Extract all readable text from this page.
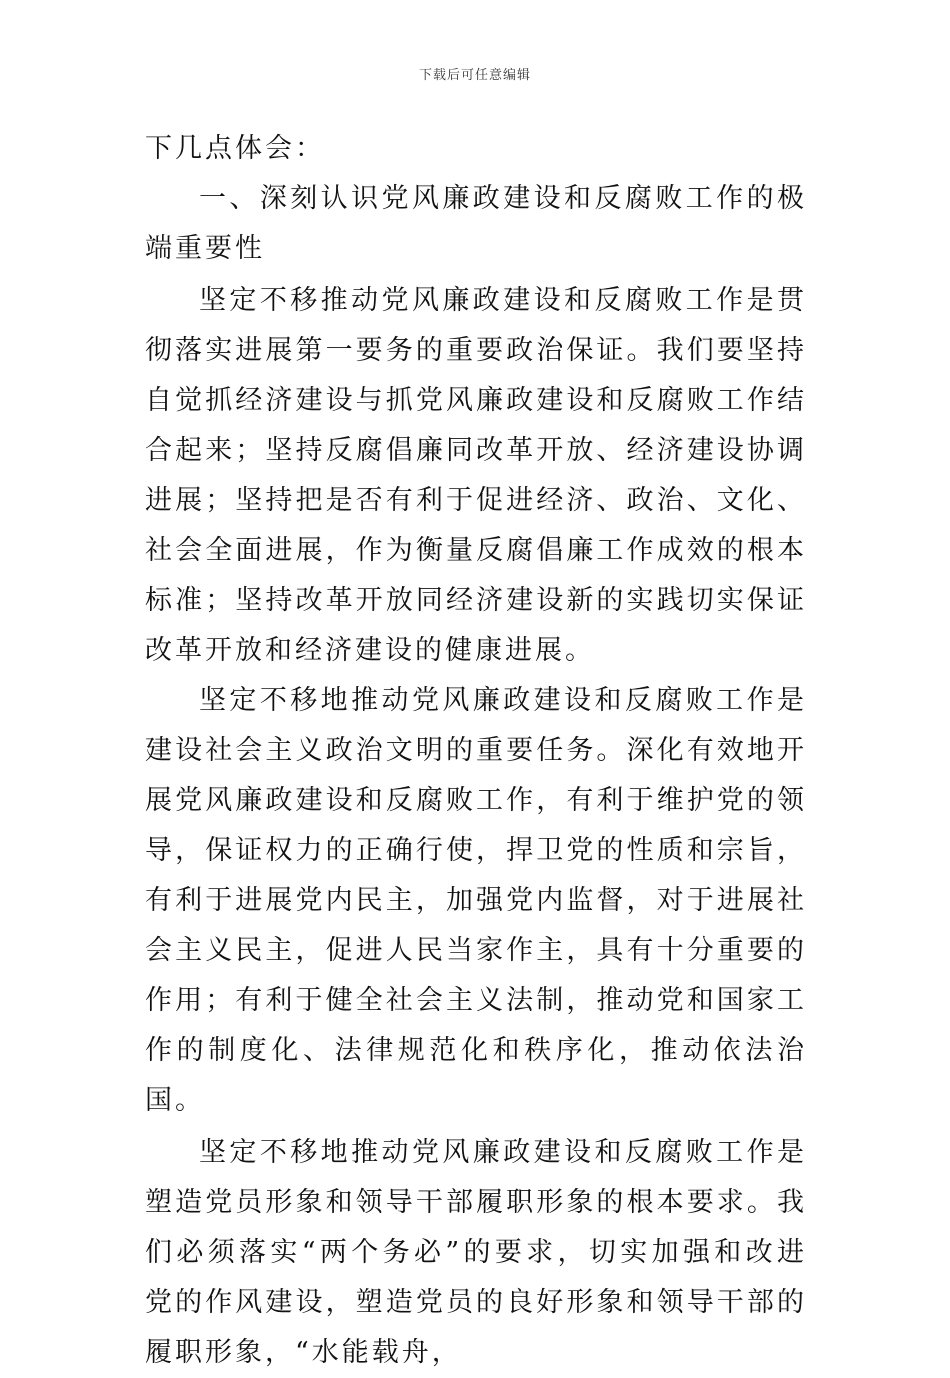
下载后可任意编辑

下几点体会：

一、深刻认识党风廉政建设和反腐败工作的极端重要性

坚定不移推动党风廉政建设和反腐败工作是贯彻落实进展第一要务的重要政治保证。我们要坚持自觉抓经济建设与抓党风廉政建设和反腐败工作结合起来；坚持反腐倡廉同改革开放、经济建设协调进展；坚持把是否有利于促进经济、政治、文化、社会全面进展，作为衡量反腐倡廉工作成效的根本标准；坚持改革开放同经济建设新的实践切实保证改革开放和经济建设的健康进展。

坚定不移地推动党风廉政建设和反腐败工作是建设社会主义政治文明的重要任务。深化有效地开展党风廉政建设和反腐败工作，有利于维护党的领导，保证权力的正确行使，捍卫党的性质和宗旨，有利于进展党内民主，加强党内监督，对于进展社会主义民主，促进人民当家作主，具有十分重要的作用；有利于健全社会主义法制，推动党和国家工作的制度化、法律规范化和秩序化，推动依法治国。

坚定不移地推动党风廉政建设和反腐败工作是塑造党员形象和领导干部履职形象的根本要求。我们必须落实“两个务必”的要求，切实加强和改进党的作风建设，塑造党员的良好形象和领导干部的履职形象，“水能载舟，
